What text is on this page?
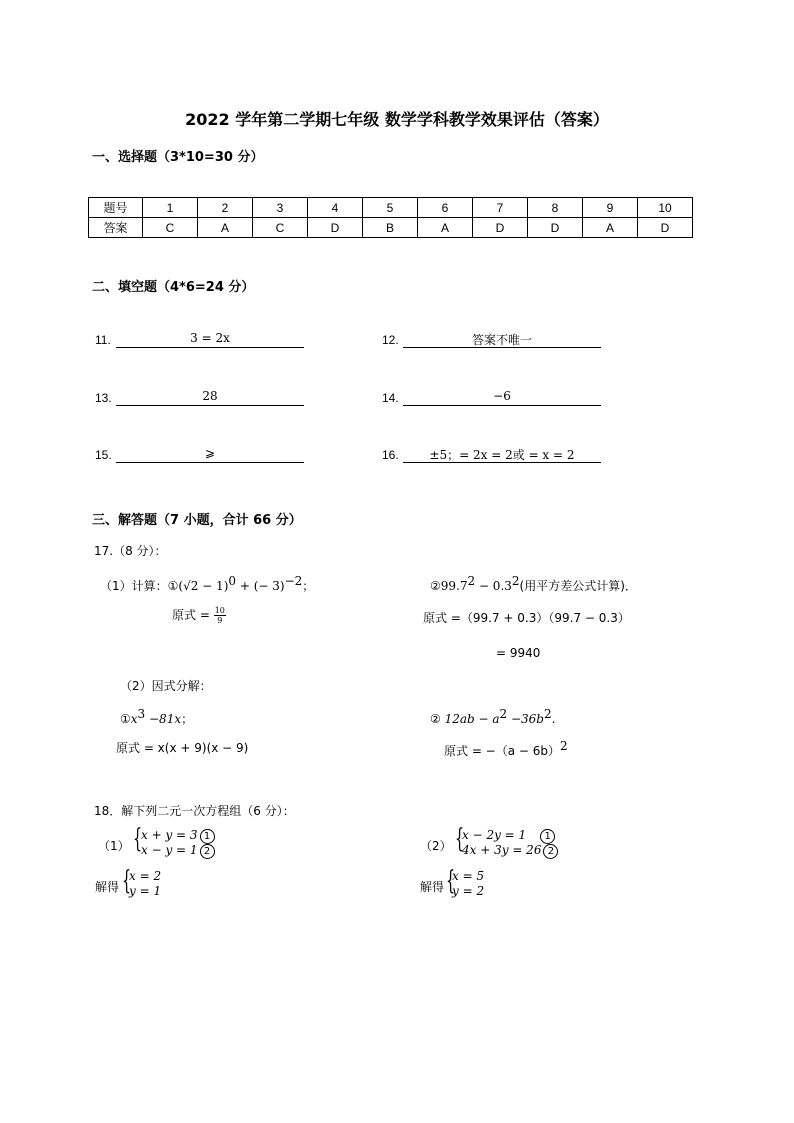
2022 学年第二学期七年级 数学学科教学效果评估（答案）
一、选择题（3*10=30 分）
题号	1	2	3	4	5	6	7	8	9	10
答案	C	A	C	D	B	A	D	D	A	D
二、填空题（4*6=24 分）
11.	3 = 2x	12.	答案不唯一
13.	28	14.	−6
15.	⩾	16.	±5；= 2x = 2或 = x = 2
三、解答题（7 小题，合计 66 分）
17.（8 分）：
（1）计算：①(√2 − 1)$^0$ + (− 3)$^{-2}$；
原式 = $\frac{10}{9}$
$②99.7^2 - 0.3^2$(用平方差公式计算)．
原式 =（99.7 + 0.3）（99.7 − 0.3）
= 9940
（2）因式分解：
$①x^3 -81x$；
原式 = x(x + 9)(x − 9)
② $12ab - a^2 -36b^2$.
原式 = $-(a - 6b)^2$
18．解下列二元一次方程组（6 分）：
（1） {
x + y = 3 1
x − y = 1 2	（2） {
x − 2y = 1 1
4x + 3y = 26 2
解得 {
x = 2
y = 1	解得 {
x = 5
y = 2
